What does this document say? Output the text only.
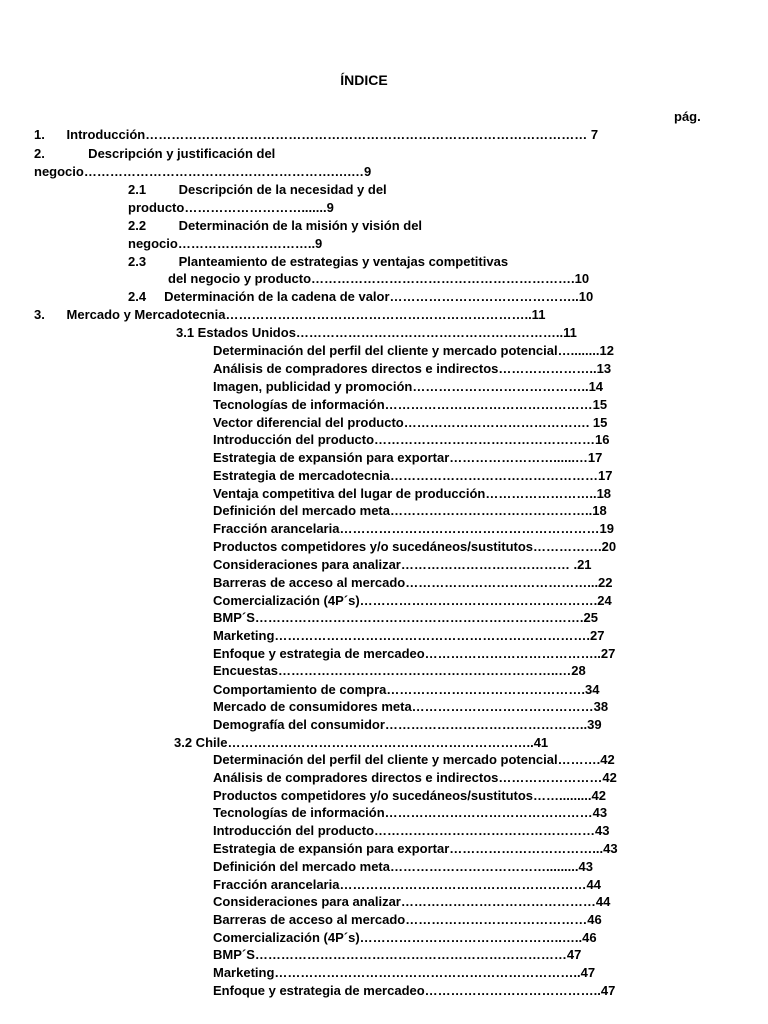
ÍNDICE
pág.
1.      Introducción………………………………………………………………………………………… 7
2.            Descripción y justificación del
negocio………………………………………………….….…9
2.1         Descripción de la necesidad y del
producto……………………….......9
2.2         Determinación de la misión y visión del
negocio…………………………..9
2.3         Planteamiento de estrategias y ventajas competitivas
del negocio y producto…………………………………………………….10
2.4     Determinación de la cadena de valor……………………………………..10
3.      Mercado y Mercadotecnia……………………………………………………………..11
3.1 Estados Unidos……………………………………………………..11
Determinación del perfil del cliente y mercado potencial…........12
Análisis de compradores directos e indirectos…………………..13
Imagen, publicidad y promoción…………………………………..14
Tecnologías de información…………………………………………15
Vector diferencial del producto……………………………………. 15
Introducción del producto……………………………………………16
Estrategia de expansión para exportar……………………......…17
Estrategia de mercadotecnia…………………………………………17
Ventaja competitiva del lugar de producción……………………..18
Definición del mercado meta………………………………………..18
Fracción arancelaria……………………………………………………19
Productos competidores y/o sucedáneos/sustitutos…………….20
Consideraciones para analizar………………………………… .21
Barreras de acceso al mercado……………………………………...22
Comercialización (4P´s)……………………………………………….24
BMP´S………………………………………………………………….25
Marketing……………………………………………………………….27
Enfoque y estrategia de mercadeo…………………………………..27
Encuestas………………………………………………………..…28
Comportamiento de compra……………………………………….34
Mercado de consumidores meta……………………………………38
Demografía del consumidor………………………………………..39
3.2 Chile……………………………………………………………..41
Determinación del perfil del cliente y mercado potencial……….42
Análisis de compradores directos e indirectos……………………42
Productos competidores y/o sucedáneos/sustitutos…….........42
Tecnologías de información…………………………………………43
Introducción del producto……………………………………………43
Estrategia de expansión para exportar……………………………...43
Definición del mercado meta……………………………….........43
Fracción arancelaria…………………………………………………44
Consideraciones para analizar………………………………………44
Barreras de acceso al mercado……………………………………46
Comercialización (4P´s)………………………………………..…..46
BMP´S………………………………………………………………47
Marketing……………………………………………………………..47
Enfoque y estrategia de mercadeo…………………………………..47
